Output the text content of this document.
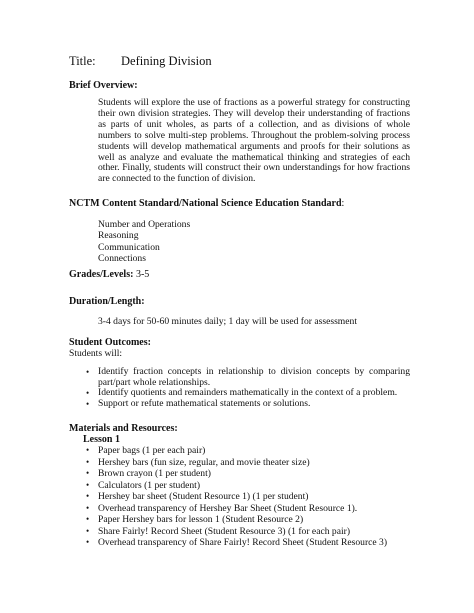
Title: Defining Division
Brief Overview:
Students will explore the use of fractions as a powerful strategy for constructing their own division strategies. They will develop their understanding of fractions as parts of unit wholes, as parts of a collection, and as divisions of whole numbers to solve multi-step problems. Throughout the problem-solving process students will develop mathematical arguments and proofs for their solutions as well as analyze and evaluate the mathematical thinking and strategies of each other. Finally, students will construct their own understandings for how fractions are connected to the function of division.
NCTM Content Standard/National Science Education Standard:
Number and Operations
Reasoning
Communication
Connections
Grades/Levels: 3-5
Duration/Length:
3-4 days for 50-60 minutes daily; 1 day will be used for assessment
Student Outcomes:
Students will:
• Identify fraction concepts in relationship to division concepts by comparing part/part whole relationships.
• Identify quotients and remainders mathematically in the context of a problem.
• Support or refute mathematical statements or solutions.
Materials and Resources:
Lesson 1
• Paper bags (1 per each pair)
• Hershey bars (fun size, regular, and movie theater size)
• Brown crayon (1 per student)
• Calculators (1 per student)
• Hershey bar sheet (Student Resource 1) (1 per student)
• Overhead transparency of Hershey Bar Sheet (Student Resource 1).
• Paper Hershey bars for lesson 1 (Student Resource 2)
• Share Fairly! Record Sheet (Student Resource 3) (1 for each pair)
• Overhead transparency of Share Fairly! Record Sheet (Student Resource 3)
